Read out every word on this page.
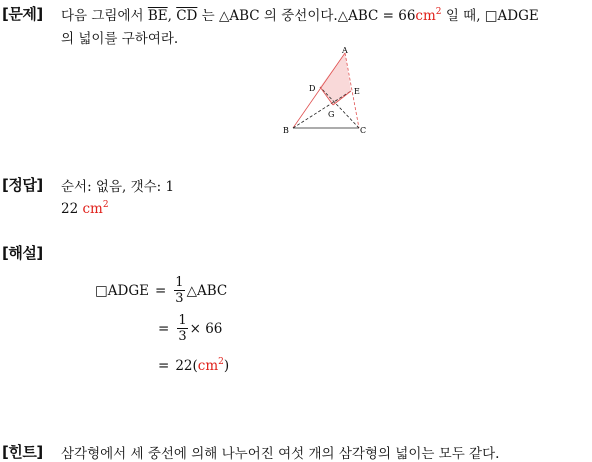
[문제] 다음 그림에서 $\overline{BE}$, $\overline{CD}$ 는 △ABC 의 중선이다.△ABC = $66cm^2$ 일 때, □ADGE
의 넓이를 구하여라.
A
B	C
D	E
G
[정답] 순서: 없음, 갯수: 1
22 $cm^2$
[해설]
□ADGE = $\frac{1}{3}$ △ABC
= $\frac{1}{3} \times 66$
= 22( $cm^2$ )
[힌트] 삼각형에서 세 중선에 의해 나누어진 여섯 개의 삼각형의 넓이는 모두 같다.
